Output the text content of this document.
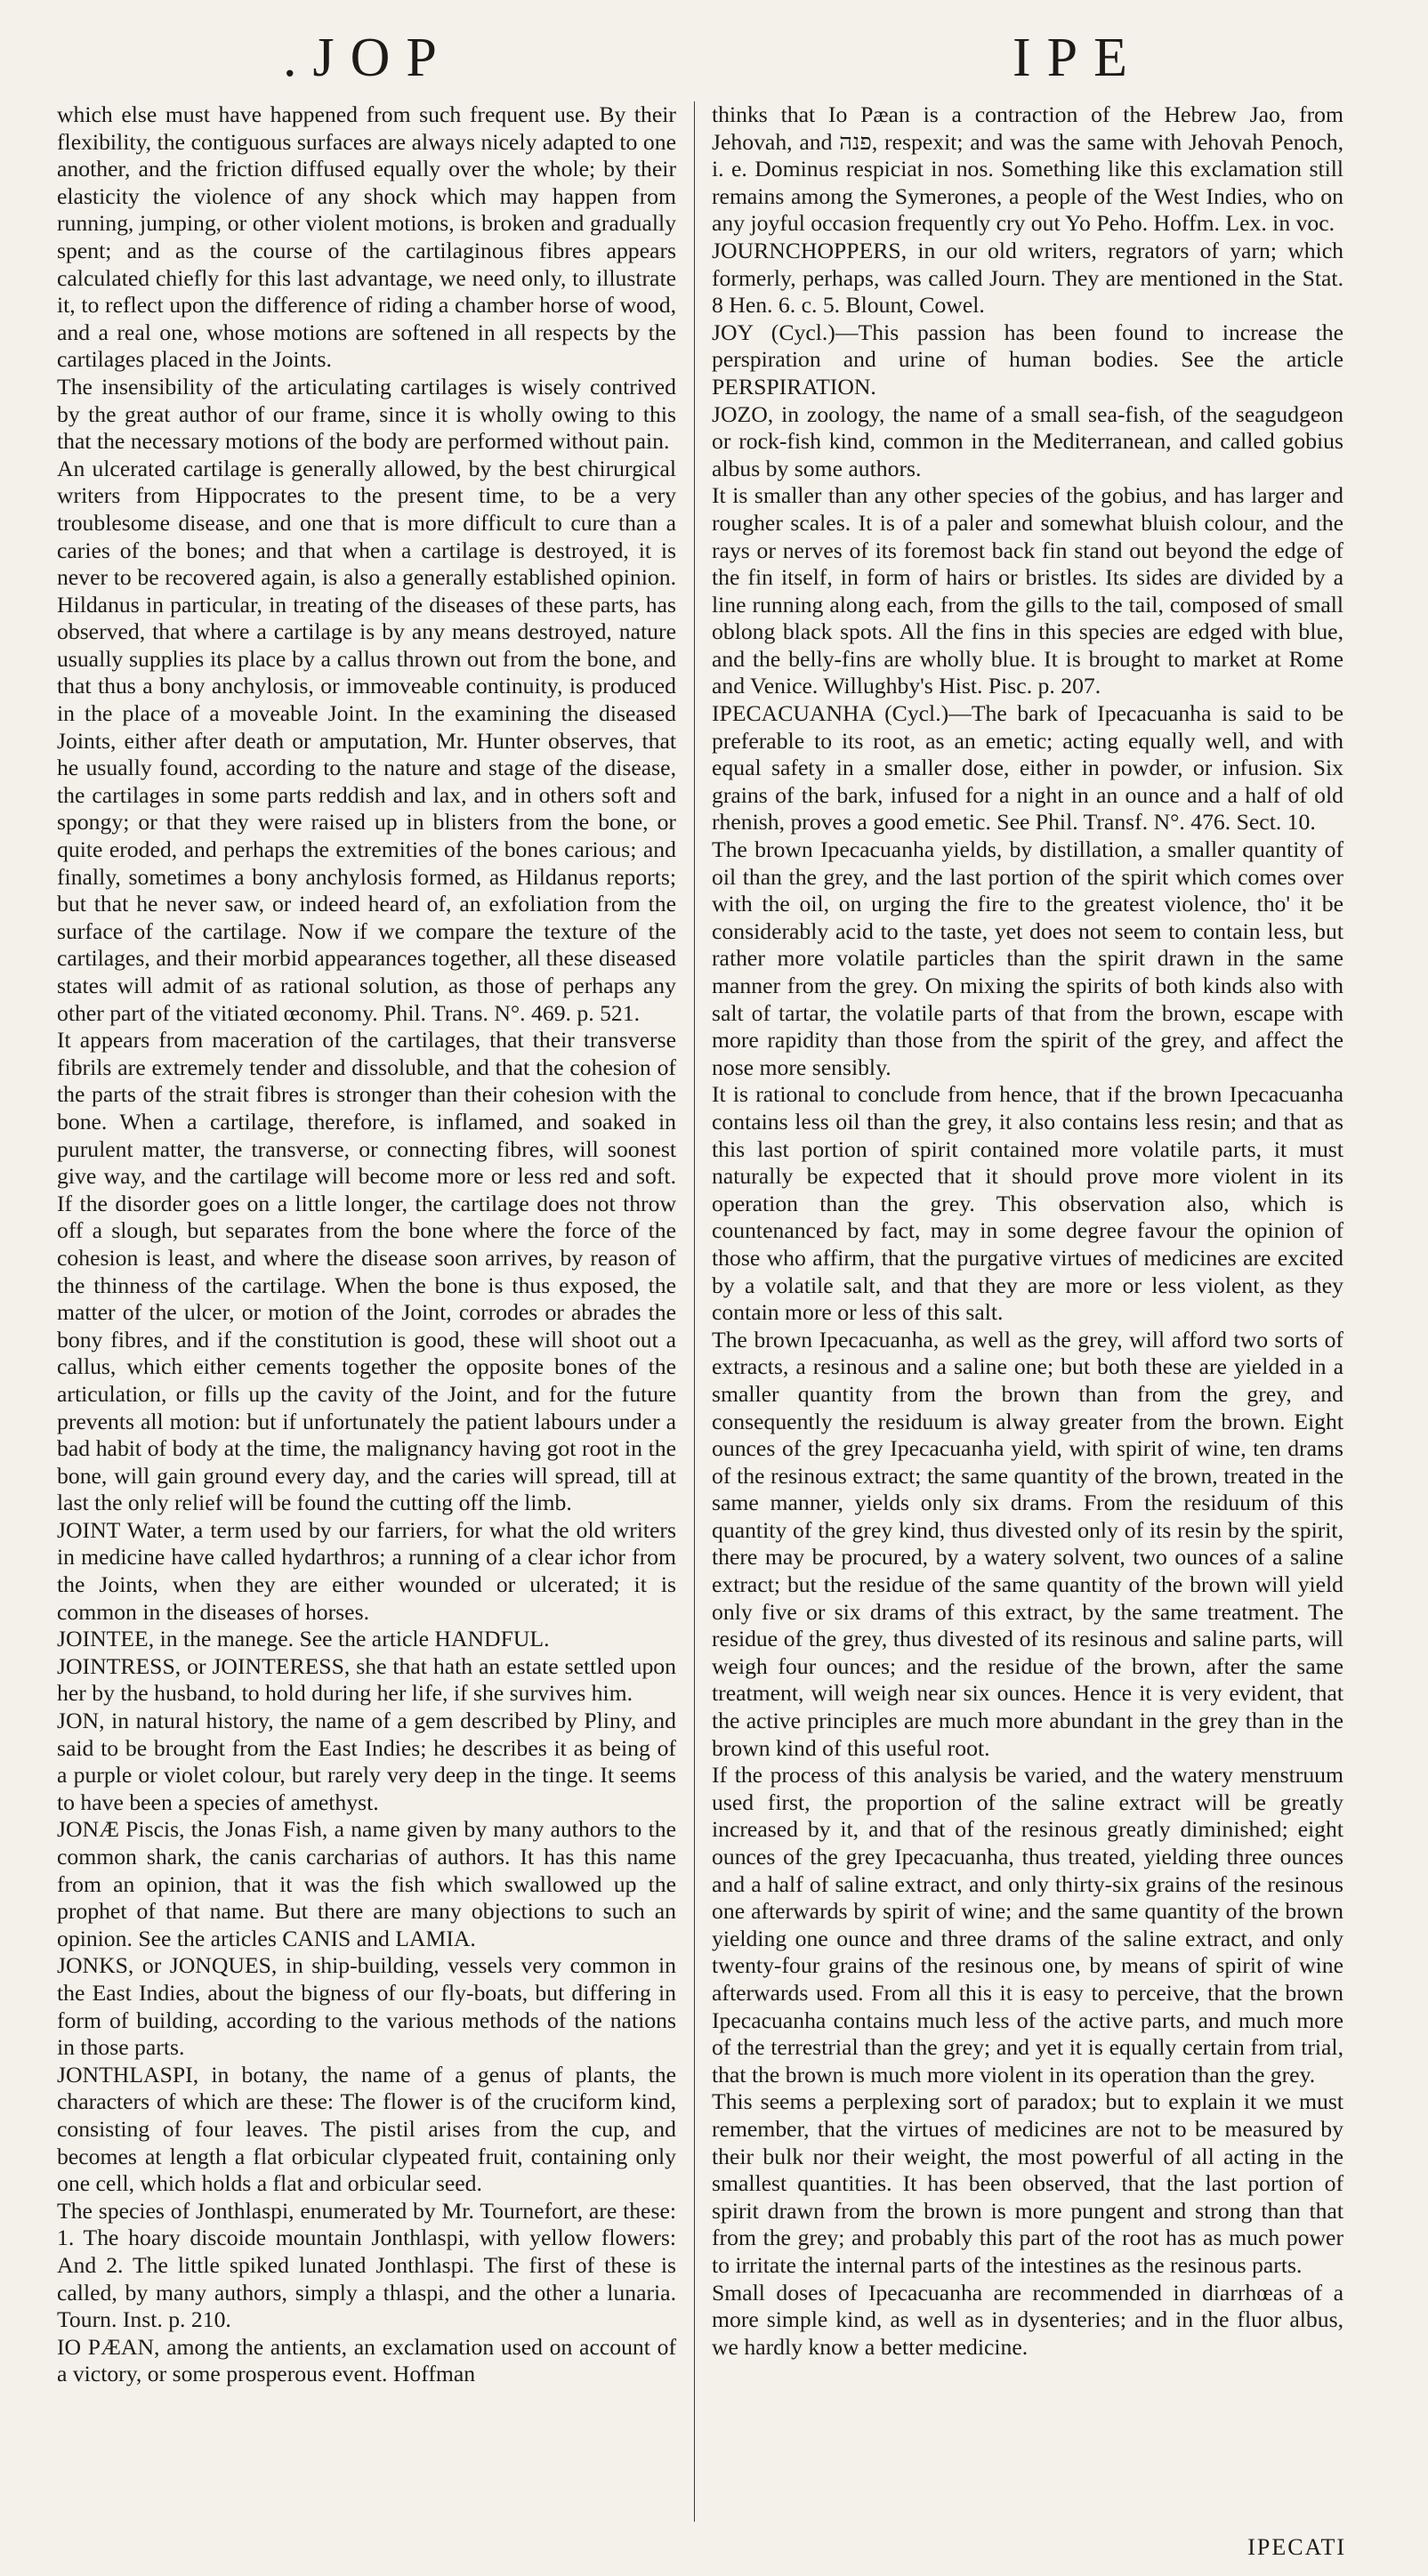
.JOP	IPE

which else must have happened from such frequent use. By their flexibility, the contiguous surfaces are always nicely adapted to one another, and the friction diffused equally over the whole; by their elasticity the violence of any shock which may happen from running, jumping, or other violent motions, is broken and gradually spent; and as the course of the cartilaginous fibres appears calculated chiefly for this last advantage, we need only, to illustrate it, to reflect upon the difference of riding a chamber horse of wood, and a real one, whose motions are softened in all respects by the cartilages placed in the Joints.

The insensibility of the articulating cartilages is wisely contrived by the great author of our frame, since it is wholly owing to this that the necessary motions of the body are performed without pain.

An ulcerated cartilage is generally allowed, by the best chirurgical writers from Hippocrates to the present time, to be a very troublesome disease, and one that is more difficult to cure than a caries of the bones; and that when a cartilage is destroyed, it is never to be recovered again, is also a generally established opinion. Hildanus in particular, in treating of the diseases of these parts, has observed, that where a cartilage is by any means destroyed, nature usually supplies its place by a callus thrown out from the bone, and that thus a bony anchylosis, or immoveable continuity, is produced in the place of a moveable Joint. In the examining the diseased Joints, either after death or amputation, Mr. Hunter observes, that he usually found, according to the nature and stage of the disease, the cartilages in some parts reddish and lax, and in others soft and spongy; or that they were raised up in blisters from the bone, or quite eroded, and perhaps the extremities of the bones carious; and finally, sometimes a bony anchylosis formed, as Hildanus reports; but that he never saw, or indeed heard of, an exfoliation from the surface of the cartilage. Now if we compare the texture of the cartilages, and their morbid appearances together, all these diseased states will admit of as rational solution, as those of perhaps any other part of the vitiated œconomy. Phil. Trans. N°. 469. p. 521.

It appears from maceration of the cartilages, that their transverse fibrils are extremely tender and dissoluble, and that the cohesion of the parts of the strait fibres is stronger than their cohesion with the bone. When a cartilage, therefore, is inflamed, and soaked in purulent matter, the transverse, or connecting fibres, will soonest give way, and the cartilage will become more or less red and soft. If the disorder goes on a little longer, the cartilage does not throw off a slough, but separates from the bone where the force of the cohesion is least, and where the disease soon arrives, by reason of the thinness of the cartilage. When the bone is thus exposed, the matter of the ulcer, or motion of the Joint, corrodes or abrades the bony fibres, and if the constitution is good, these will shoot out a callus, which either cements together the opposite bones of the articulation, or fills up the cavity of the Joint, and for the future prevents all motion: but if unfortunately the patient labours under a bad habit of body at the time, the malignancy having got root in the bone, will gain ground every day, and the caries will spread, till at last the only relief will be found the cutting off the limb.

JOINT Water, a term used by our farriers, for what the old writers in medicine have called hydarthros; a running of a clear ichor from the Joints, when they are either wounded or ulcerated; it is common in the diseases of horses.

JOINTEE, in the manege. See the article HANDFUL.

JOINTRESS, or JOINTERESS, she that hath an estate settled upon her by the husband, to hold during her life, if she survives him.

JON, in natural history, the name of a gem described by Pliny, and said to be brought from the East Indies; he describes it as being of a purple or violet colour, but rarely very deep in the tinge. It seems to have been a species of amethyst.

JONÆ Piscis, the Jonas Fish, a name given by many authors to the common shark, the canis carcharias of authors. It has this name from an opinion, that it was the fish which swallowed up the prophet of that name. But there are many objections to such an opinion. See the articles CANIS and LAMIA.

JONKS, or JONQUES, in ship-building, vessels very common in the East Indies, about the bigness of our fly-boats, but differing in form of building, according to the various methods of the nations in those parts.

JONTHLASPI, in botany, the name of a genus of plants, the characters of which are these: The flower is of the cruciform kind, consisting of four leaves. The pistil arises from the cup, and becomes at length a flat orbicular clypeated fruit, containing only one cell, which holds a flat and orbicular seed.

The species of Jonthlaspi, enumerated by Mr. Tournefort, are these: 1. The hoary discoide mountain Jonthlaspi, with yellow flowers: And 2. The little spiked lunated Jonthlaspi. The first of these is called, by many authors, simply a thlaspi, and the other a lunaria. Tourn. Inst. p. 210.

IO PÆAN, among the antients, an exclamation used on account of a victory, or some prosperous event. Hoffman

thinks that Io Pæan is a contraction of the Hebrew Jao, from Jehovah, and פנה, respexit; and was the same with Jehovah Penoch, i. e. Dominus respiciat in nos. Something like this exclamation still remains among the Symerones, a people of the West Indies, who on any joyful occasion frequently cry out Yo Peho. Hoffm. Lex. in voc.

JOURNCHOPPERS, in our old writers, regrators of yarn; which formerly, perhaps, was called Journ. They are mentioned in the Stat. 8 Hen. 6. c. 5. Blount, Cowel.

JOY (Cycl.)—This passion has been found to increase the perspiration and urine of human bodies. See the article PERSPIRATION.

JOZO, in zoology, the name of a small sea-fish, of the seagudgeon or rock-fish kind, common in the Mediterranean, and called gobius albus by some authors.

It is smaller than any other species of the gobius, and has larger and rougher scales. It is of a paler and somewhat bluish colour, and the rays or nerves of its foremost back fin stand out beyond the edge of the fin itself, in form of hairs or bristles. Its sides are divided by a line running along each, from the gills to the tail, composed of small oblong black spots. All the fins in this species are edged with blue, and the belly-fins are wholly blue. It is brought to market at Rome and Venice. Willughby's Hist. Pisc. p. 207.

IPECACUANHA (Cycl.)—The bark of Ipecacuanha is said to be preferable to its root, as an emetic; acting equally well, and with equal safety in a smaller dose, either in powder, or infusion. Six grains of the bark, infused for a night in an ounce and a half of old rhenish, proves a good emetic. See Phil. Transf. N°. 476. Sect. 10.

The brown Ipecacuanha yields, by distillation, a smaller quantity of oil than the grey, and the last portion of the spirit which comes over with the oil, on urging the fire to the greatest violence, tho' it be considerably acid to the taste, yet does not seem to contain less, but rather more volatile particles than the spirit drawn in the same manner from the grey. On mixing the spirits of both kinds also with salt of tartar, the volatile parts of that from the brown, escape with more rapidity than those from the spirit of the grey, and affect the nose more sensibly.

It is rational to conclude from hence, that if the brown Ipecacuanha contains less oil than the grey, it also contains less resin; and that as this last portion of spirit contained more volatile parts, it must naturally be expected that it should prove more violent in its operation than the grey. This observation also, which is countenanced by fact, may in some degree favour the opinion of those who affirm, that the purgative virtues of medicines are excited by a volatile salt, and that they are more or less violent, as they contain more or less of this salt.

The brown Ipecacuanha, as well as the grey, will afford two sorts of extracts, a resinous and a saline one; but both these are yielded in a smaller quantity from the brown than from the grey, and consequently the residuum is alway greater from the brown. Eight ounces of the grey Ipecacuanha yield, with spirit of wine, ten drams of the resinous extract; the same quantity of the brown, treated in the same manner, yields only six drams. From the residuum of this quantity of the grey kind, thus divested only of its resin by the spirit, there may be procured, by a watery solvent, two ounces of a saline extract; but the residue of the same quantity of the brown will yield only five or six drams of this extract, by the same treatment. The residue of the grey, thus divested of its resinous and saline parts, will weigh four ounces; and the residue of the brown, after the same treatment, will weigh near six ounces. Hence it is very evident, that the active principles are much more abundant in the grey than in the brown kind of this useful root.

If the process of this analysis be varied, and the watery menstruum used first, the proportion of the saline extract will be greatly increased by it, and that of the resinous greatly diminished; eight ounces of the grey Ipecacuanha, thus treated, yielding three ounces and a half of saline extract, and only thirty-six grains of the resinous one afterwards by spirit of wine; and the same quantity of the brown yielding one ounce and three drams of the saline extract, and only twenty-four grains of the resinous one, by means of spirit of wine afterwards used. From all this it is easy to perceive, that the brown Ipecacuanha contains much less of the active parts, and much more of the terrestrial than the grey; and yet it is equally certain from trial, that the brown is much more violent in its operation than the grey.

This seems a perplexing sort of paradox; but to explain it we must remember, that the virtues of medicines are not to be measured by their bulk nor their weight, the most powerful of all acting in the smallest quantities. It has been observed, that the last portion of spirit drawn from the brown is more pungent and strong than that from the grey; and probably this part of the root has as much power to irritate the internal parts of the intestines as the resinous parts.

Small doses of Ipecacuanha are recommended in diarrhœas of a more simple kind, as well as in dysenteries; and in the fluor albus, we hardly know a better medicine.

IPECATI
